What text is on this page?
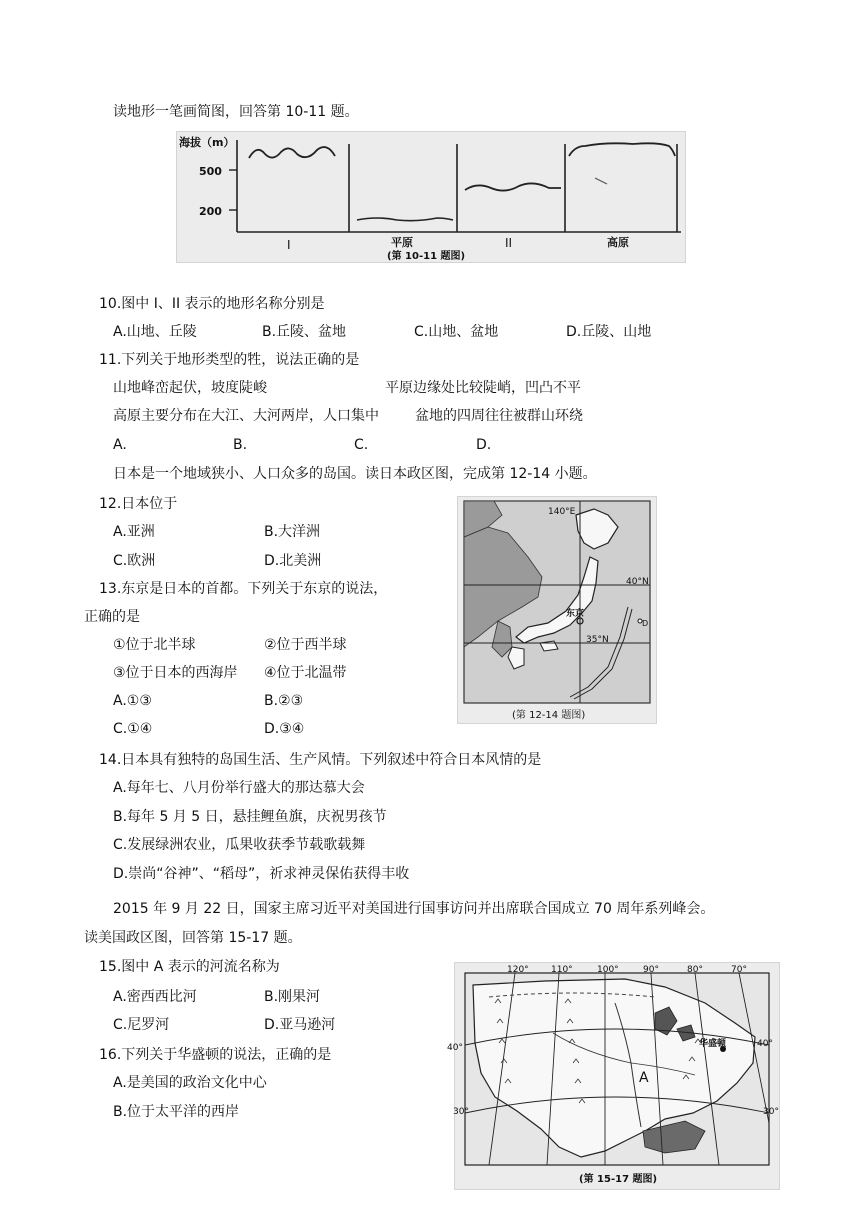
读地形一笔画简图，回答第 10-11 题。
海拔（m）
500
200
I	平原	II	高原
(第 10-11 题图)
10.图中 I、II 表示的地形名称分别是
A.山地、丘陵	B.丘陵、盆地	C.山地、盆地	D.丘陵、山地
11.下列关于地形类型的牲，说法正确的是
山地峰峦起伏，坡度陡峻	平原边缘处比较陡峭，凹凸不平
高原主要分布在大江、大河两岸，人口集中	盆地的四周往往被群山环绕
A.	B.	C.	D.
日本是一个地域狭小、人口众多的岛国。读日本政区图，完成第 12-14 小题。
12.日本位于
A.亚洲	B.大洋洲
C.欧洲	D.北美洲
13.东京是日本的首都。下列关于东京的说法，
正确的是
①位于北半球	②位于西半球
③位于日本的西海岸 ④位于北温带
A.①③	B.②③
C.①④	D.③④
140°E
40°N
35°N
东京
D
(第 12-14 题图)
14.日本具有独特的岛国生活、生产风情。下列叙述中符合日本风情的是
A.每年七、八月份举行盛大的那达慕大会
B.每年 5 月 5 日，悬挂鲤鱼旗，庆祝男孩节
C.发展绿洲农业，瓜果收获季节载歌载舞
D.崇尚“谷神”、“稻母”，祈求神灵保佑获得丰收
2015 年 9 月 22 日，国家主席习近平对美国进行国事访问并出席联合国成立 70 周年系列峰会。
读美国政区图，回答第 15-17 题。
15.图中 A 表示的河流名称为
A.密西西比河	B.刚果河
C.尼罗河	D.亚马逊河
16.下列关于华盛顿的说法，正确的是
A.是美国的政治文化中心
B.位于太平洋的西岸
120° 110°	100°	90°	80°	70°
40°	40°
30°	30°
A
华盛顿
(第 15-17 题图)
